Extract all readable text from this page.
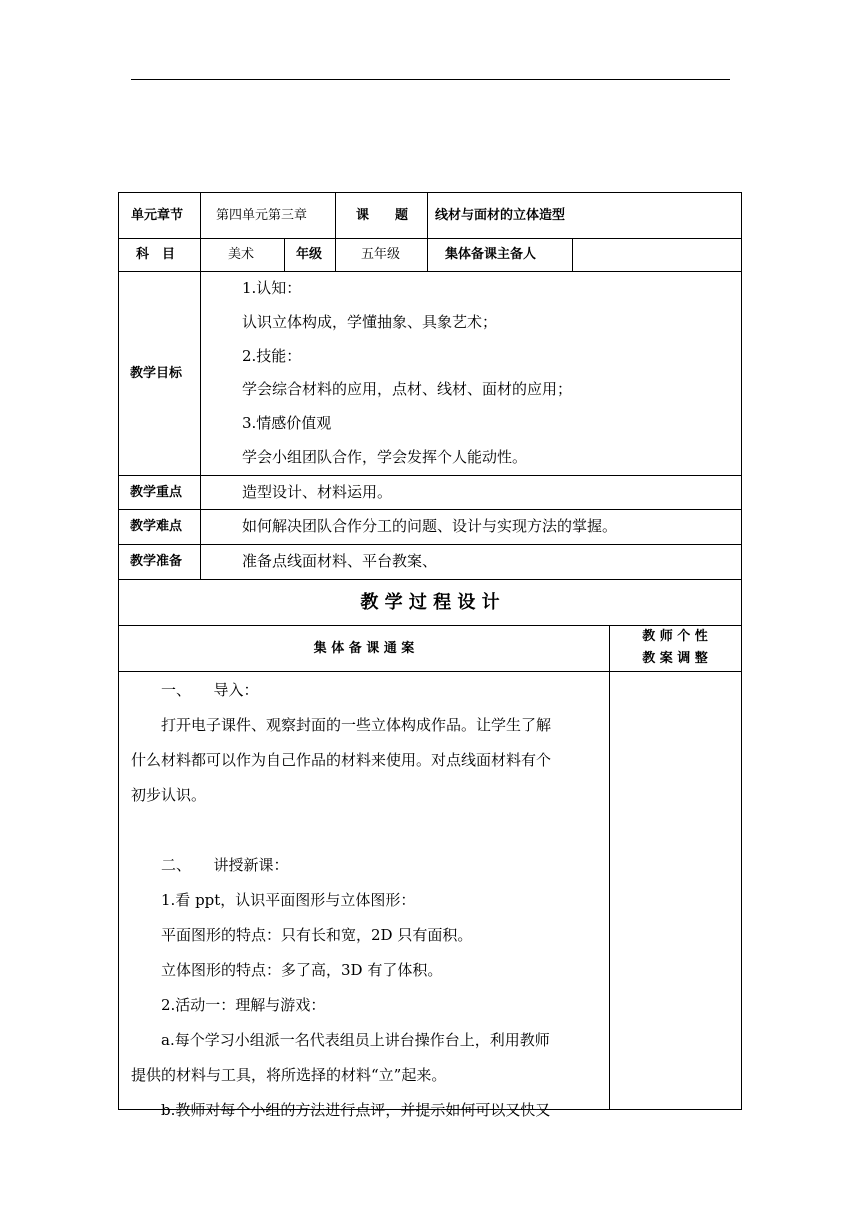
单元章节	第四单元第三章	课　　题 线材与面材的立体造型
科　目	美术	年级	五年级	集体备课主备人
教学目标
1.认知：
认识立体构成，学懂抽象、具象艺术；
2.技能：
学会综合材料的应用，点材、线材、面材的应用；
3.情感价值观
学会小组团队合作，学会发挥个人能动性。
教学重点	造型设计、材料运用。
教学难点	如何解决团队合作分工的问题、设计与实现方法的掌握。
教学准备	准备点线面材料、平台教案、
教 学 过 程 设 计
集 体 备 课 通 案
教 师 个 性
教 案 调 整
　　一、　　导入：
　　打开电子课件、观察封面的一些立体构成作品。让学生了解
什么材料都可以作为自己作品的材料来使用。对点线面材料有个
初步认识。
　　二、　　讲授新课：
　　1.看 ppt，认识平面图形与立体图形：
　　平面图形的特点：只有长和宽，2D 只有面积。
　　立体图形的特点：多了高，3D 有了体积。
　　2.活动一：理解与游戏：
　　a.每个学习小组派一名代表组员上讲台操作台上，利用教师
提供的材料与工具，将所选择的材料“立”起来。
　　b.教师对每个小组的方法进行点评，并提示如何可以又快又
